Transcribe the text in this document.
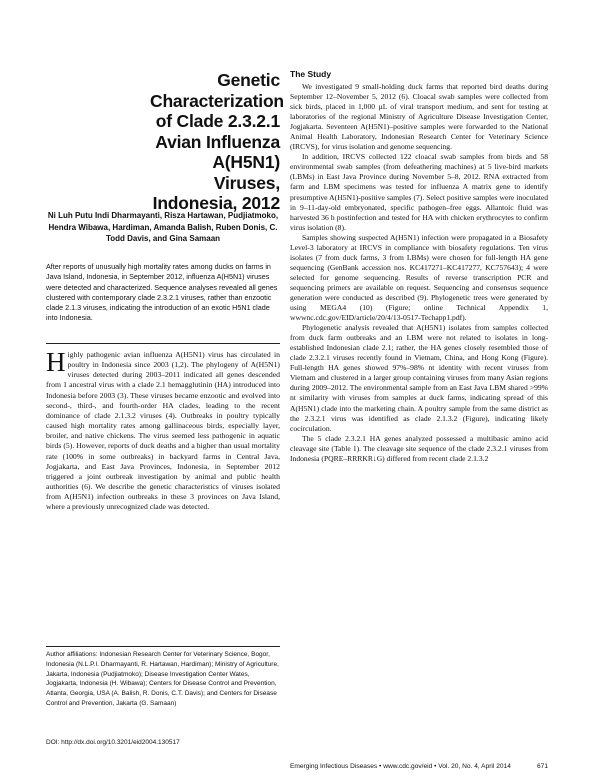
Genetic Characterization of Clade 2.3.2.1 Avian Influenza A(H5N1) Viruses, Indonesia, 2012
Ni Luh Putu Indi Dharmayanti, Risza Hartawan, Pudjiatmoko, Hendra Wibawa, Hardiman, Amanda Balish, Ruben Donis, C. Todd Davis, and Gina Samaan

After reports of unusually high mortality rates among ducks on farms in Java Island, Indonesia, in September 2012, influenza A(H5N1) viruses were detected and characterized. Sequence analyses revealed all genes clustered with contemporary clade 2.3.2.1 viruses, rather than enzootic clade 2.1.3 viruses, indicating the introduction of an exotic H5N1 clade into Indonesia.

Highly pathogenic avian influenza A(H5N1) virus has circulated in poultry in Indonesia since 2003 (1,2). The phylogeny of A(H5N1) viruses detected during 2003–2011 indicated all genes descended from 1 ancestral virus with a clade 2.1 hemagglutinin (HA) introduced into Indonesia before 2003 (3). These viruses became enzootic and evolved into second-, third-, and fourth-order HA clades, leading to the recent dominance of clade 2.1.3.2 viruses (4). Outbreaks in poultry typically caused high mortality rates among gallinaceous birds, especially layer, broiler, and native chickens. The virus seemed less pathogenic in aquatic birds (5). However, reports of duck deaths and a higher than usual mortality rate (100% in some outbreaks) in backyard farms in Central Java, Jogjakarta, and East Java Provinces, Indonesia, in September 2012 triggered a joint outbreak investigation by animal and public health authorities (6). We describe the genetic characteristics of viruses isolated from A(H5N1) infection outbreaks in these 3 provinces on Java Island, where a previously unrecognized clade was detected.

Author affiliations: Indonesian Research Center for Veterinary Science, Bogor, Indonesia (N.L.P.I. Dharmayanti, R. Hartawan, Hardiman); Ministry of Agriculture, Jakarta, Indonesia (Pudjiatmoko); Disease Investigation Center Wates, Jogjakarta, Indonesia (H. Wibawa); Centers for Disease Control and Prevention, Atlanta, Georgia, USA (A. Balish, R. Donis, C.T. Davis); and Centers for Disease Control and Prevention, Jakarta (G. Samaan)

DOI: http://dx.doi.org/10.3201/eid2004.130517

The Study

We investigated 9 small-holding duck farms that reported bird deaths during September 12–November 5, 2012 (6). Cloacal swab samples were collected from sick birds, placed in 1,000 µL of viral transport medium, and sent for testing at laboratories of the regional Ministry of Agriculture Disease Investigation Center, Jogjakarta. Seventeen A(H5N1)–positive samples were forwarded to the National Animal Health Laboratory, Indonesian Research Center for Veterinary Science (IRCVS), for virus isolation and genome sequencing.

In addition, IRCVS collected 122 cloacal swab samples from birds and 58 environmental swab samples (from defeathering machines) at 5 live-bird markets (LBMs) in East Java Province during November 5–8, 2012. RNA extracted from farm and LBM specimens was tested for influenza A matrix gene to identify presumptive A(H5N1)-positive samples (7). Select positive samples were inoculated in 9–11-day-old embryonated, specific pathogen–free eggs. Allantoic fluid was harvested 36 h postinfection and tested for HA with chicken erythrocytes to confirm virus isolation (8).

Samples showing suspected A(H5N1) infection were propagated in a Biosafety Level-3 laboratory at IRCVS in compliance with biosafety regulations. Ten virus isolates (7 from duck farms, 3 from LBMs) were chosen for full-length HA gene sequencing (GenBank accession nos. KC417271–KC417277, KC757643); 4 were selected for genome sequencing. Results of reverse transcription PCR and sequencing primers are available on request. Sequencing and consensus sequence generation were conducted as described (9). Phylogenetic trees were generated by using MEGA4 (10) (Figure; online Technical Appendix 1, wwwnc.cdc.gov/EID/article/20/4/13-0517-Techapp1.pdf).

Phylogenetic analysis revealed that A(H5N1) isolates from samples collected from duck farm outbreaks and an LBM were not related to isolates in long-established Indonesian clade 2.1; rather, the HA genes closely resembled those of clade 2.3.2.1 viruses recently found in Vietnam, China, and Hong Kong (Figure). Full-length HA genes showed 97%–98% nt identity with recent viruses from Vietnam and clustered in a larger group containing viruses from many Asian regions during 2009–2012. The environmental sample from an East Java LBM shared >99% nt similarity with viruses from samples at duck farms, indicating spread of this A(H5N1) clade into the marketing chain. A poultry sample from the same district as the 2.3.2.1 virus was identified as clade 2.1.3.2 (Figure), indicating likely cocirculation.

The 5 clade 2.3.2.1 HA genes analyzed possessed a multibasic amino acid cleavage site (Table 1). The cleavage site sequence of the clade 2.3.2.1 viruses from Indonesia (PQRE–RRRKR↓G) differed from recent clade 2.1.3.2

Emerging Infectious Diseases • www.cdc.gov/eid • Vol. 20, No. 4, April 2014	671
